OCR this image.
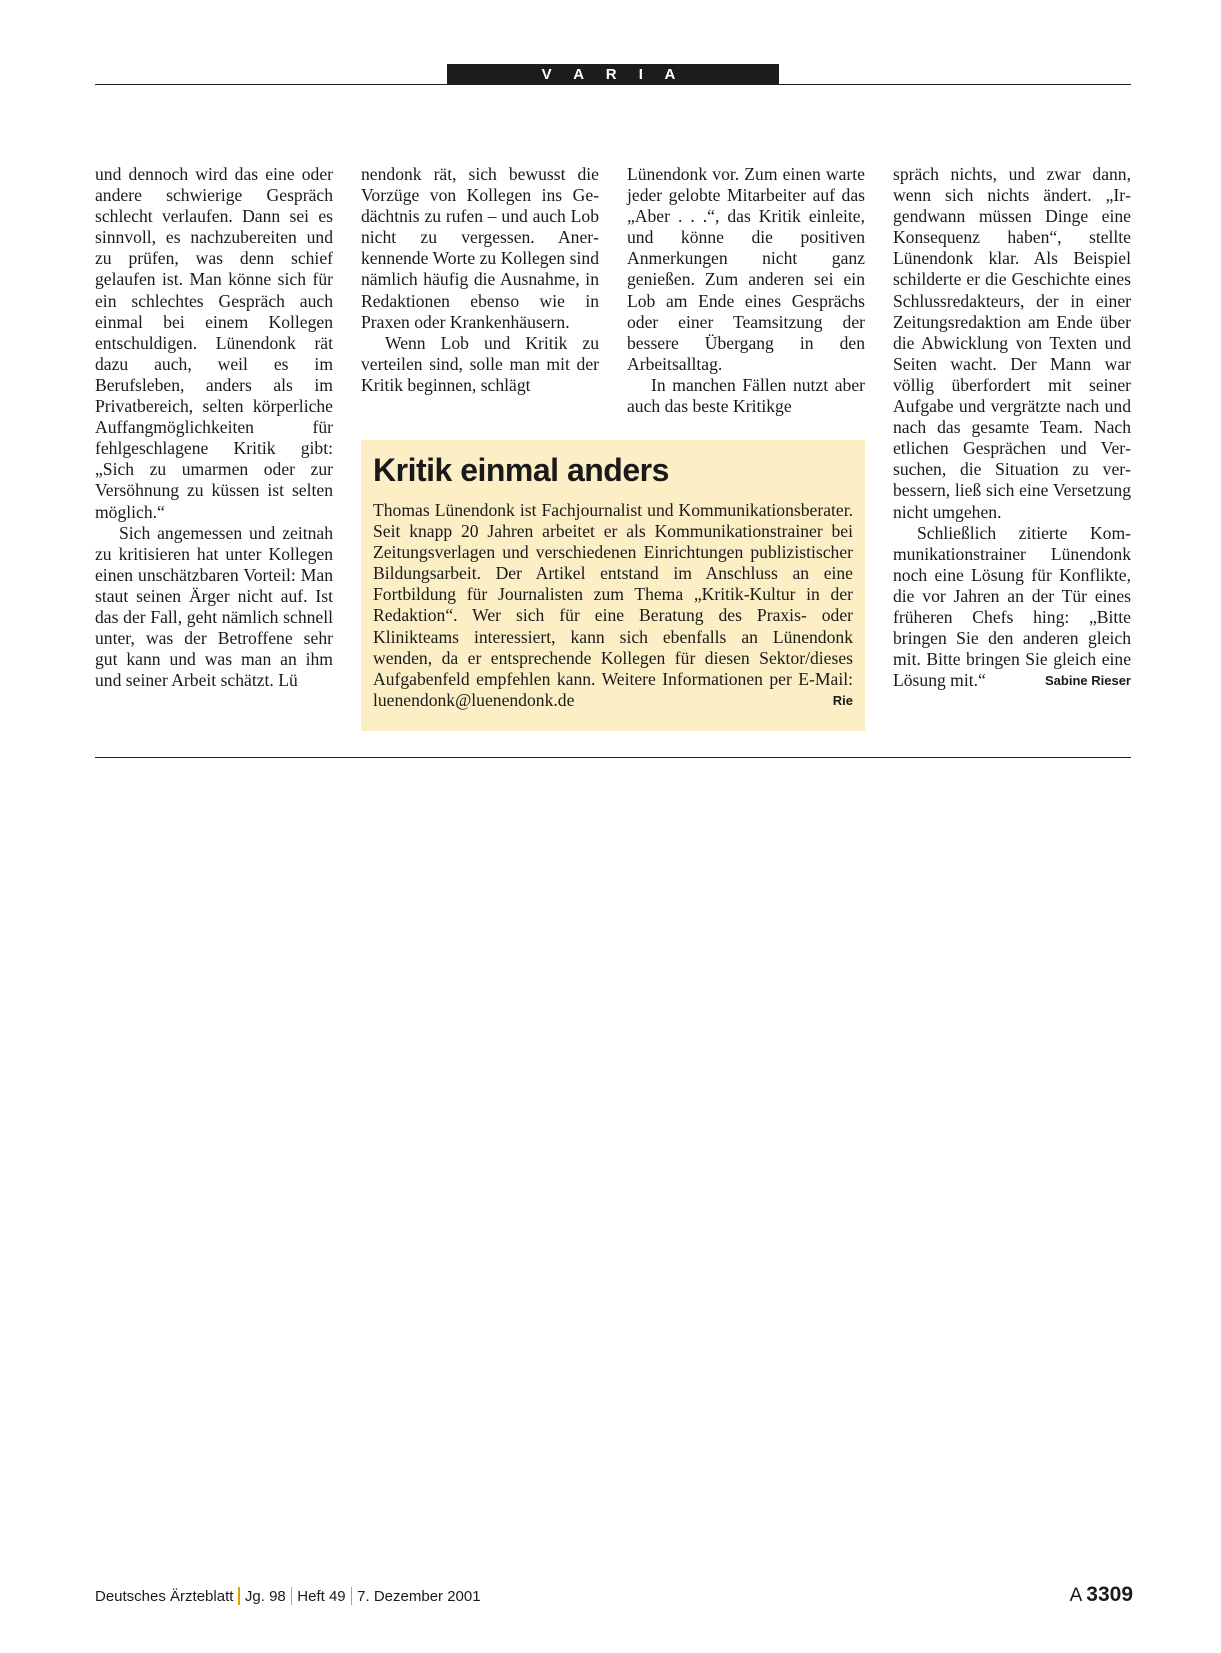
V A R I A

und dennoch wird das eine oder andere schwierige Gespräch schlecht verlaufen. Dann sei es sinnvoll, es nachzubereiten und zu prüfen, was denn schief gelaufen ist. Man könne sich für ein schlechtes Gespräch auch einmal bei einem Kollegen entschuldigen. Lünendonk rät dazu auch, weil es im Berufsleben, anders als im Privatbereich, selten körperliche Auffangmöglichkeiten für fehlgeschlagene Kritik gibt: „Sich zu umarmen oder zur Versöhnung zu küssen ist selten möglich.“

Sich angemessen und zeitnah zu kritisieren hat unter Kollegen einen unschätzbaren Vorteil: Man staut seinen Ärger nicht auf. Ist das der Fall, geht nämlich schnell unter, was der Betroffene sehr gut kann und was man an ihm und seiner Arbeit schätzt. Lü

nendonk rät, sich bewusst die Vorzüge von Kollegen ins Gedächtnis zu rufen – und auch Lob nicht zu vergessen. Anerkennende Worte zu Kollegen sind nämlich häufig die Ausnahme, in Redaktionen ebenso wie in Praxen oder Krankenhäusern.

Wenn Lob und Kritik zu verteilen sind, solle man mit der Kritik beginnen, schlägt

Lünendonk vor. Zum einen warte jeder gelobte Mitarbeiter auf das „Aber . . .“, das Kritik einleite, und könne die positiven Anmerkungen nicht ganz genießen. Zum anderen sei ein Lob am Ende eines Gesprächs oder einer Teamsitzung der bessere Übergang in den Arbeitsalltag.

In manchen Fällen nutzt aber auch das beste Kritikge

spräch nichts, und zwar dann, wenn sich nichts ändert. „Irgendwann müssen Dinge eine Konsequenz haben“, stellte Lünendonk klar. Als Beispiel schilderte er die Geschichte eines Schlussredakteurs, der in einer Zeitungsredaktion am Ende über die Abwicklung von Texten und Seiten wacht. Der Mann war völlig überfordert mit seiner Aufgabe und vergrätzte nach und nach das gesamte Team. Nach etlichen Gesprächen und Versuchen, die Situation zu verbessern, ließ sich eine Versetzung nicht umgehen.

Schließlich zitierte Kommunikationstrainer Lünendonk noch eine Lösung für Konflikte, die vor Jahren an der Tür eines früheren Chefs hing: „Bitte bringen Sie den anderen gleich mit. Bitte bringen Sie gleich eine Lösung mit.“	Sabine Rieser

Kritik einmal anders

Thomas Lünendonk ist Fachjournalist und Kommunikationsberater. Seit knapp 20 Jahren arbeitet er als Kommunikationstrainer bei Zeitungsverlagen und verschiedenen Einrichtungen publizistischer Bildungsarbeit. Der Artikel entstand im Anschluss an eine Fortbildung für Journalisten zum Thema „Kritik-Kultur in der Redaktion“. Wer sich für eine Beratung des Praxis- oder Klinikteams interessiert, kann sich ebenfalls an Lünendonk wenden, da er entsprechende Kollegen für diesen Sektor/dieses Aufgabenfeld empfehlen kann. Weitere Informationen per E-Mail: luenendonk@luenendonk.de	Rie

Deutsches Ärzteblatt Jg. 98 Heft 49 7. Dezember 2001	A 3309
